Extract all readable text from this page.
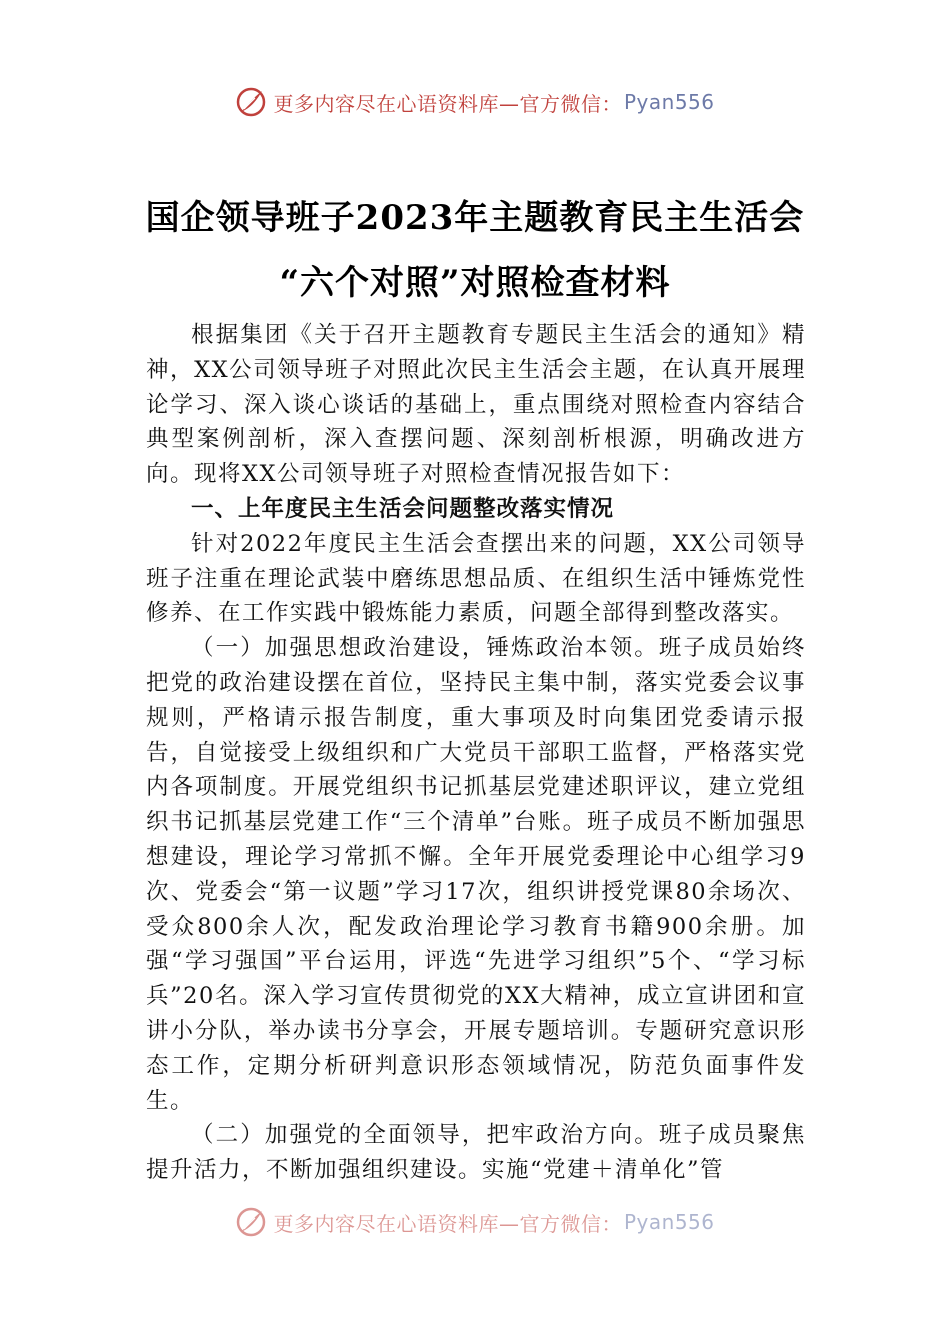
更多内容尽在心语资料库—官方微信： Pyan556
国企领导班子2023年主题教育民主生活会
“六个对照”对照检查材料

根据集团《关于召开主题教育专题民主生活会的通知》精神，XX公司领导班子对照此次民主生活会主题，在认真开展理论学习、深入谈心谈话的基础上，重点围绕对照检查内容结合典型案例剖析，深入查摆问题、深刻剖析根源，明确改进方向。现将XX公司领导班子对照检查情况报告如下：

一、上年度民主生活会问题整改落实情况

针对2022年度民主生活会查摆出来的问题，XX公司领导班子注重在理论武装中磨练思想品质、在组织生活中锤炼党性修养、在工作实践中锻炼能力素质，问题全部得到整改落实。

（一）加强思想政治建设，锤炼政治本领。班子成员始终把党的政治建设摆在首位，坚持民主集中制，落实党委会议事规则，严格请示报告制度，重大事项及时向集团党委请示报告，自觉接受上级组织和广大党员干部职工监督，严格落实党内各项制度。开展党组织书记抓基层党建述职评议，建立党组织书记抓基层党建工作“三个清单”台账。班子成员不断加强思想建设，理论学习常抓不懈。全年开展党委理论中心组学习9次、党委会“第一议题”学习17次，组织讲授党课80余场次、受众800余人次，配发政治理论学习教育书籍900余册。加强“学习强国”平台运用，评选“先进学习组织”5个、“学习标兵”20名。深入学习宣传贯彻党的XX大精神，成立宣讲团和宣讲小分队，举办读书分享会，开展专题培训。专题研究意识形态工作，定期分析研判意识形态领域情况，防范负面事件发生。

（二）加强党的全面领导，把牢政治方向。班子成员聚焦提升活力，不断加强组织建设。实施“党建＋清单化”管

更多内容尽在心语资料库—官方微信： Pyan556
